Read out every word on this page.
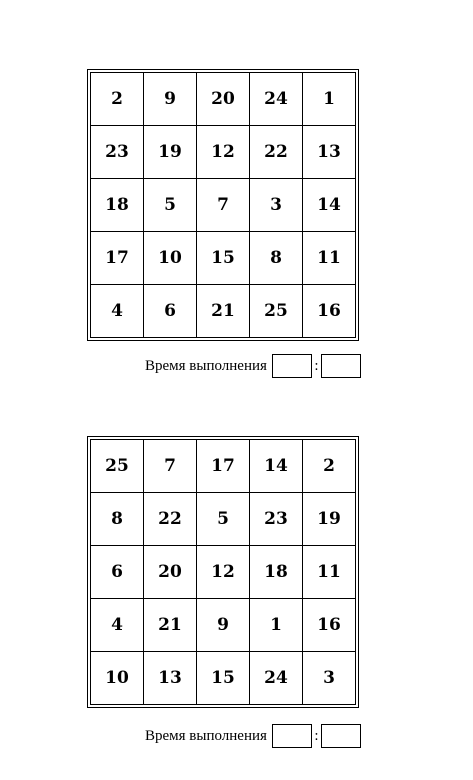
2	9	20	24	1
23	19	12	22	13
18	5	7	3	14
17	10	15	8	11
4	6	21	25	16
Время выполнения	:
25	7	17	14	2
8	22	5	23	19
6	20	12	18	11
4	21	9	1	16
10	13	15	24	3
Время выполнения	:
